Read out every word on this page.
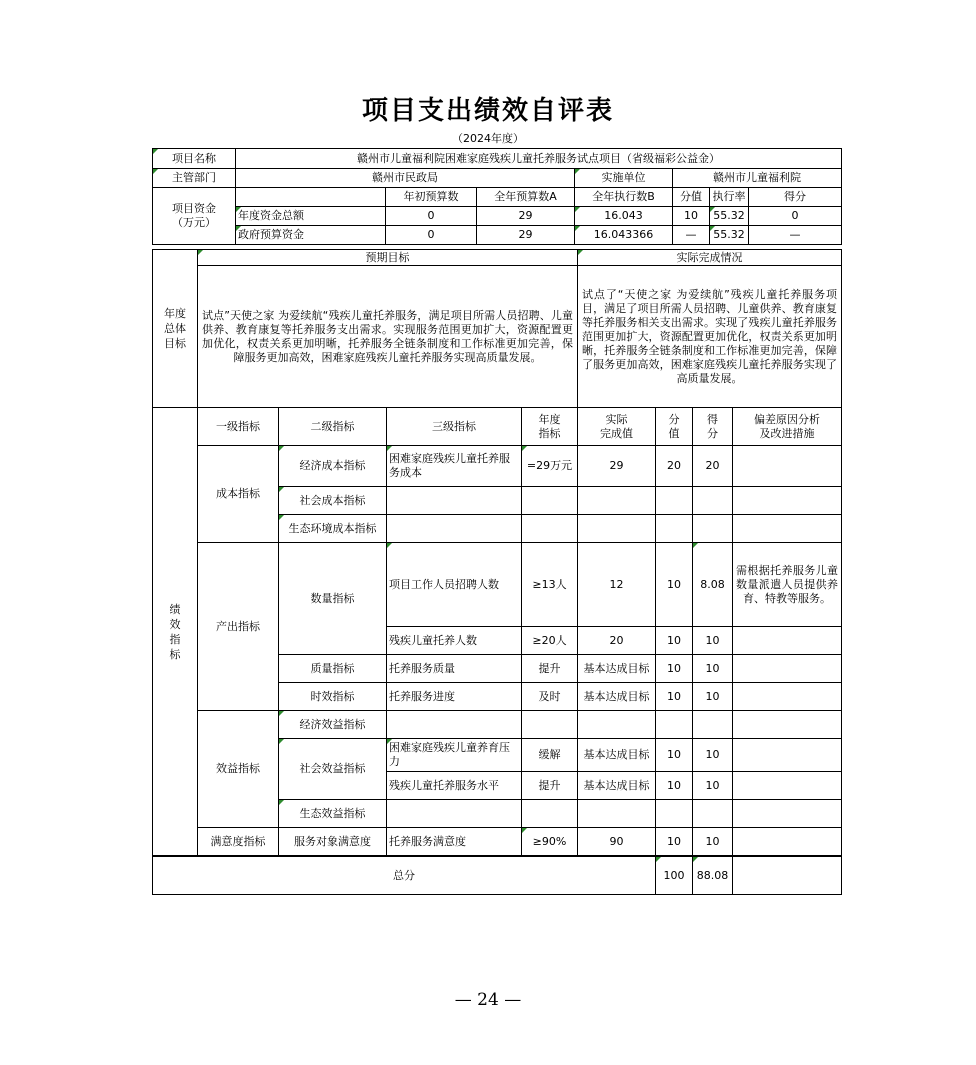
项目支出绩效自评表
（2024年度）
项目名称	赣州市儿童福利院困难家庭残疾儿童托养服务试点项目（省级福彩公益金）						
主管部门	赣州市民政局			实施单位	赣州市儿童福利院		
项目资金
（万元）		年初预算数	全年预算数A	全年执行数B	分值	执行率	得分
	年度资金总额	0	29	16.043	10	55.32	0
	政府预算资金	0	29	16.043366	—	55.32	—
年度
总体
目标	预期目标	实际完成情况
	试点”天使之家 为爱续航“残疾儿童托养服务，满足项目所需人员招聘、儿童供养、教育康复等托养服务支出需求。实现服务范围更加扩大，资源配置更加优化，权责关系更加明晰，托养服务全链条制度和工作标准更加完善，保障服务更加高效，困难家庭残疾儿童托养服务实现高质量发展。	试点了“天使之家 为爱续航”残疾儿童托养服务项目，满足了项目所需人员招聘、儿童供养、教育康复等托养服务相关支出需求。实现了残疾儿童托养服务范围更加扩大，资源配置更加优化，权责关系更加明晰，托养服务全链条制度和工作标准更加完善，保障了服务更加高效，困难家庭残疾儿童托养服务实现了高质量发展。
绩
效
指
标	一级指标	二级指标	三级指标	年度
指标	实际
完成值	分
值	得
分	偏差原因分析
及改进措施
	成本指标	经济成本指标	困难家庭残疾儿童托养服务成本	=29万元	29	20	20	
		社会成本指标						
		生态环境成本指标						
	产出指标	数量指标	项目工作人员招聘人数	≥13人	12	10	8.08	需根据托养服务儿童数量派遣人员提供养育、特教等服务。
			残疾儿童托养人数	≥20人	20	10	10	
		质量指标	托养服务质量	提升	基本达成目标	10	10	
		时效指标	托养服务进度	及时	基本达成目标	10	10	
	效益指标	经济效益指标						
		社会效益指标	困难家庭残疾儿童养育压力	缓解	基本达成目标	10	10	
			残疾儿童托养服务水平	提升	基本达成目标	10	10	
		生态效益指标						
	满意度指标	服务对象满意度	托养服务满意度	≥90%	90	10	10	
总分	100	88.08	
— 24 —
